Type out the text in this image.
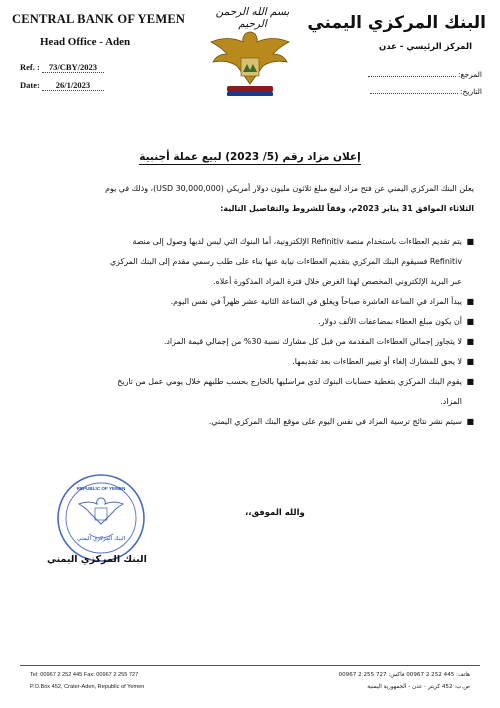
CENTRAL BANK OF YEMEN
Head Office - Aden
Ref. : 73/CBY/2023
Date: 26/1/2023
بسم الله الرحمن الرحيم	البنك المركزي اليمني
المركز الرئيسي - عدن
المرجع:
التاريخ:
إعلان مزاد رقم (5/ 2023) لبيع عملة أجنبية
يعلن البنك المركزي اليمني عن فتح مزاد لبيع مبلغ ثلاثون مليون دولار أمريكي (30,000,000 USD)، وذلك في يوم
الثلاثاء الموافق 31 يناير 2023م، وفقاً للشروط والتفاصيل التالية:
■
يتم تقديم العطاءات باستخدام منصة Refinitiv الإلكترونية، أما البنوك التي ليس لديها وصول إلى منصة
Refinitiv فسيقوم البنك المركزي بتقديم العطاءات نيابة عنها بناء على طلب رسمي مقدم إلى البنك المركزي
عبر البريد الإلكتروني المخصص لهذا الغرض خلال فترة المزاد المذكورة أعلاه.
■
يبدأ المزاد في الساعة العاشرة صباحاً ويغلق في الساعة الثانية عشر ظهراً في نفس اليوم.
■
أن يكون مبلغ العطاء بمضاعفات الألف دولار.
■
لا يتجاوز إجمالي العطاءات المقدمة من قبل كل مشارك نسبة 30% من إجمالي قيمة المزاد.
■
لا يحق للمشارك إلغاء أو تغيير العطاءات بعد تقديمها.
■
يقوم البنك المركزي بتغطية حسابات البنوك لدى مراسليها بالخارج بحسب طلبهم خلال يومي عمل من تاريخ
المزاد.
■
سيتم نشر نتائج ترسية المزاد في نفس اليوم على موقع البنك المركزي اليمني.
والله الموفق،،
REPUBLIC OF YEMEN
البنك المركزي اليمني
البنك المركزي اليمني
Tel: 00967 2 252 445 Fax: 00967 2 255 727
P.O.Box 452, Crater-Aden, Republic of Yemen
هاتف: 445 252 2 00967 فاكس: 727 255 2 00967
ص.ب: 452 كريتر - عدن - الجمهورية اليمنية
